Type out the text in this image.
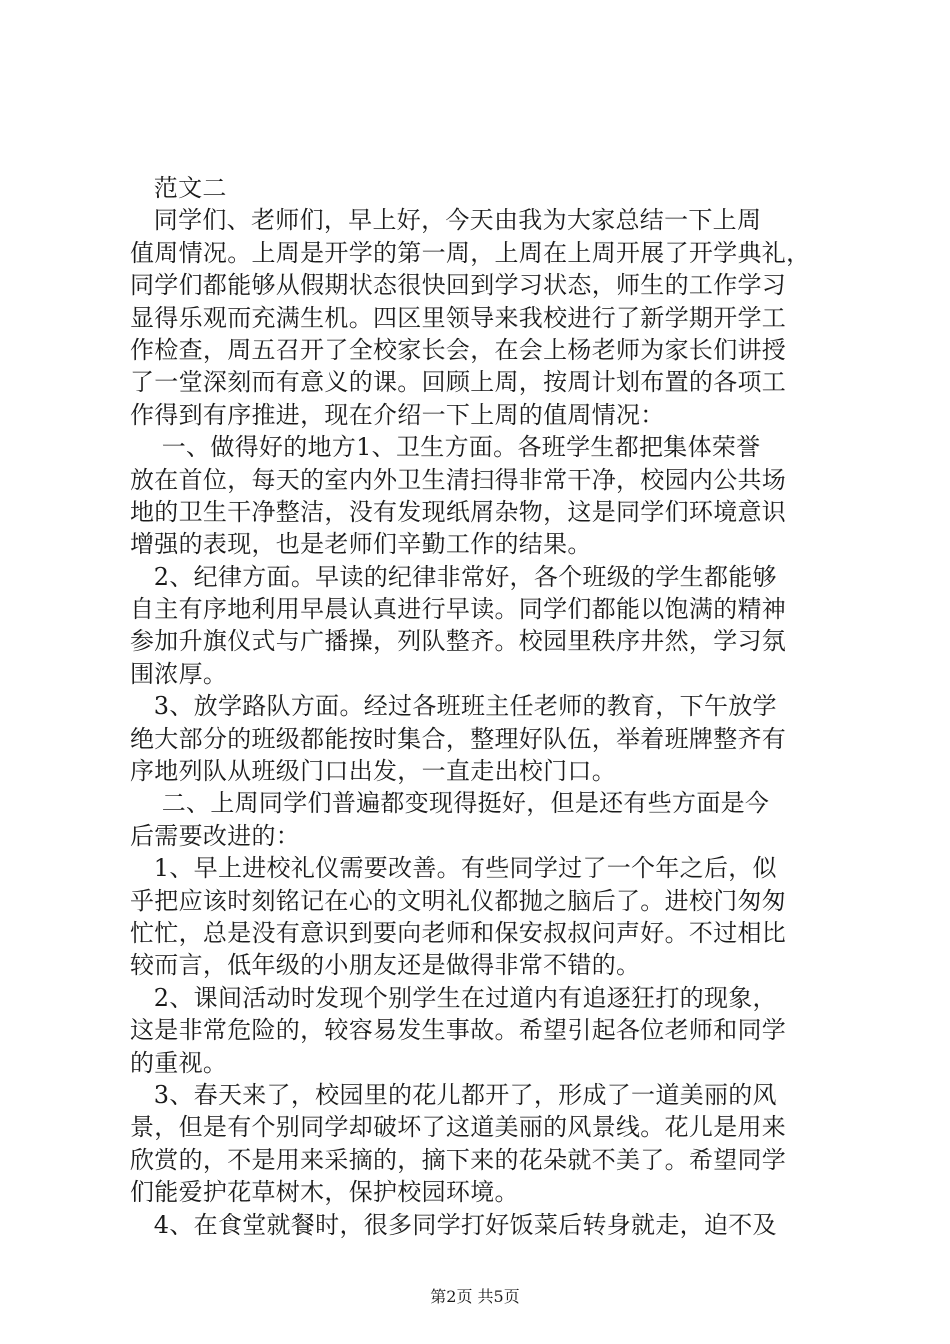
范文二
同学们、老师们，早上好，今天由我为大家总结一下上周
值周情况。上周是开学的第一周，上周在上周开展了开学典礼，
同学们都能够从假期状态很快回到学习状态，师生的工作学习
显得乐观而充满生机。四区里领导来我校进行了新学期开学工
作检查，周五召开了全校家长会，在会上杨老师为家长们讲授
了一堂深刻而有意义的课。回顾上周，按周计划布置的各项工
作得到有序推进，现在介绍一下上周的值周情况：
一、做得好的地方1、卫生方面。各班学生都把集体荣誉
放在首位，每天的室内外卫生清扫得非常干净，校园内公共场
地的卫生干净整洁，没有发现纸屑杂物，这是同学们环境意识
增强的表现，也是老师们辛勤工作的结果。
2、纪律方面。早读的纪律非常好，各个班级的学生都能够
自主有序地利用早晨认真进行早读。同学们都能以饱满的精神
参加升旗仪式与广播操，列队整齐。校园里秩序井然，学习氛
围浓厚。
3、放学路队方面。经过各班班主任老师的教育，下午放学
绝大部分的班级都能按时集合，整理好队伍，举着班牌整齐有
序地列队从班级门口出发，一直走出校门口。
二、上周同学们普遍都变现得挺好，但是还有些方面是今
后需要改进的：
1、早上进校礼仪需要改善。有些同学过了一个年之后，似
乎把应该时刻铭记在心的文明礼仪都抛之脑后了。进校门匆匆
忙忙，总是没有意识到要向老师和保安叔叔问声好。不过相比
较而言，低年级的小朋友还是做得非常不错的。
2、课间活动时发现个别学生在过道内有追逐狂打的现象，
这是非常危险的，较容易发生事故。希望引起各位老师和同学
的重视。
3、春天来了，校园里的花儿都开了，形成了一道美丽的风
景，但是有个别同学却破坏了这道美丽的风景线。花儿是用来
欣赏的，不是用来采摘的，摘下来的花朵就不美了。希望同学
们能爱护花草树木，保护校园环境。
4、在食堂就餐时，很多同学打好饭菜后转身就走，迫不及
第2页 共5页
